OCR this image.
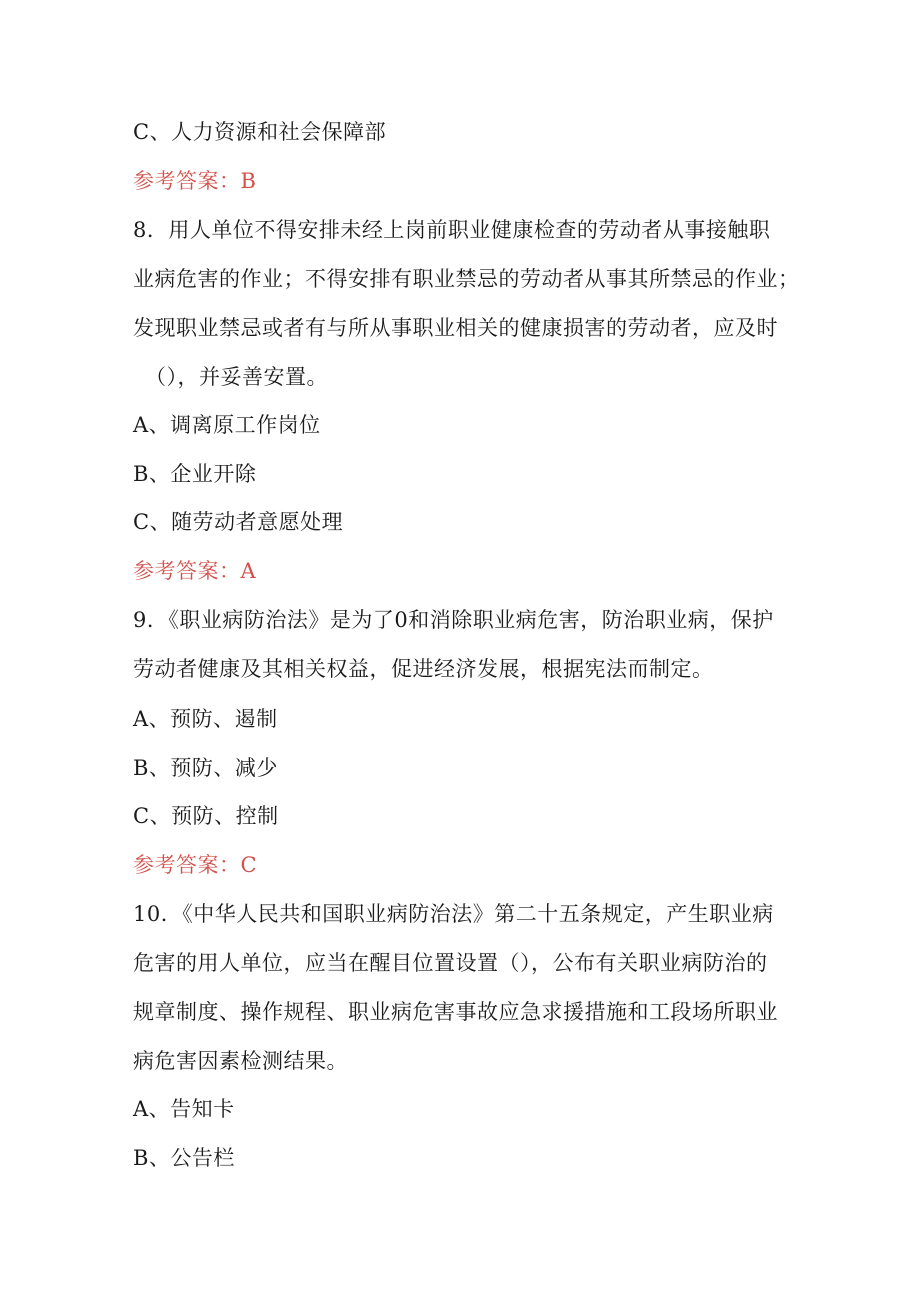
C、人力资源和社会保障部
参考答案：B
8．用人单位不得安排未经上岗前职业健康检查的劳动者从事接触职
业病危害的作业；不得安排有职业禁忌的劳动者从事其所禁忌的作业；
发现职业禁忌或者有与所从事职业相关的健康损害的劳动者，应及时
（），并妥善安置。
A、调离原工作岗位
B、企业开除
C、随劳动者意愿处理
参考答案：A
9．《职业病防治法》是为了0和消除职业病危害，防治职业病，保护
劳动者健康及其相关权益，促进经济发展，根据宪法而制定。
A、预防、遏制
B、预防、减少
C、预防、控制
参考答案：C
10．《中华人民共和国职业病防治法》第二十五条规定，产生职业病
危害的用人单位，应当在醒目位置设置（），公布有关职业病防治的
规章制度、操作规程、职业病危害事故应急求援措施和工段场所职业
病危害因素检测结果。
A、告知卡
B、公告栏
